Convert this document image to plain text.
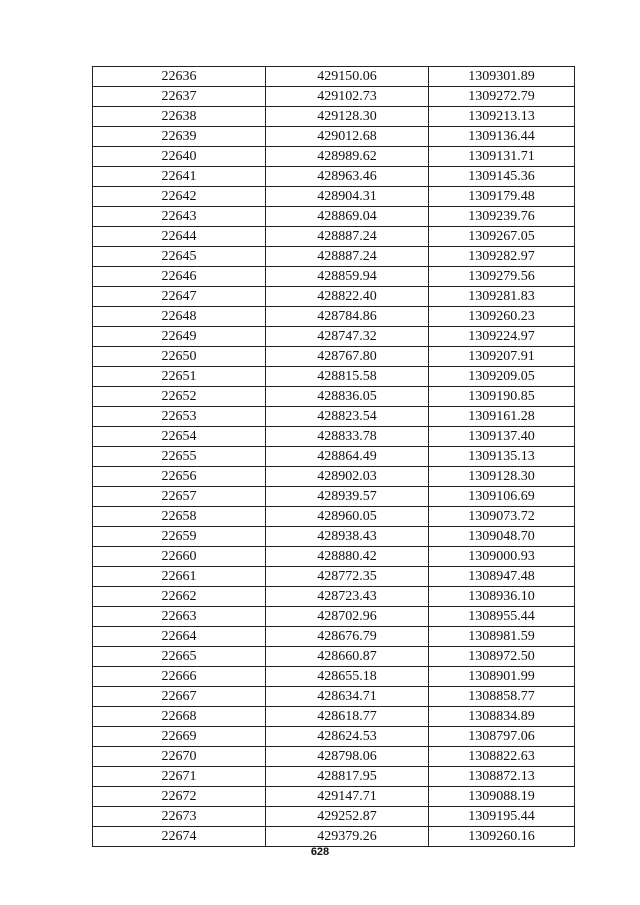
22636	429150.06	1309301.89
22637	429102.73	1309272.79
22638	429128.30	1309213.13
22639	429012.68	1309136.44
22640	428989.62	1309131.71
22641	428963.46	1309145.36
22642	428904.31	1309179.48
22643	428869.04	1309239.76
22644	428887.24	1309267.05
22645	428887.24	1309282.97
22646	428859.94	1309279.56
22647	428822.40	1309281.83
22648	428784.86	1309260.23
22649	428747.32	1309224.97
22650	428767.80	1309207.91
22651	428815.58	1309209.05
22652	428836.05	1309190.85
22653	428823.54	1309161.28
22654	428833.78	1309137.40
22655	428864.49	1309135.13
22656	428902.03	1309128.30
22657	428939.57	1309106.69
22658	428960.05	1309073.72
22659	428938.43	1309048.70
22660	428880.42	1309000.93
22661	428772.35	1308947.48
22662	428723.43	1308936.10
22663	428702.96	1308955.44
22664	428676.79	1308981.59
22665	428660.87	1308972.50
22666	428655.18	1308901.99
22667	428634.71	1308858.77
22668	428618.77	1308834.89
22669	428624.53	1308797.06
22670	428798.06	1308822.63
22671	428817.95	1308872.13
22672	429147.71	1309088.19
22673	429252.87	1309195.44
22674	429379.26	1309260.16
628
